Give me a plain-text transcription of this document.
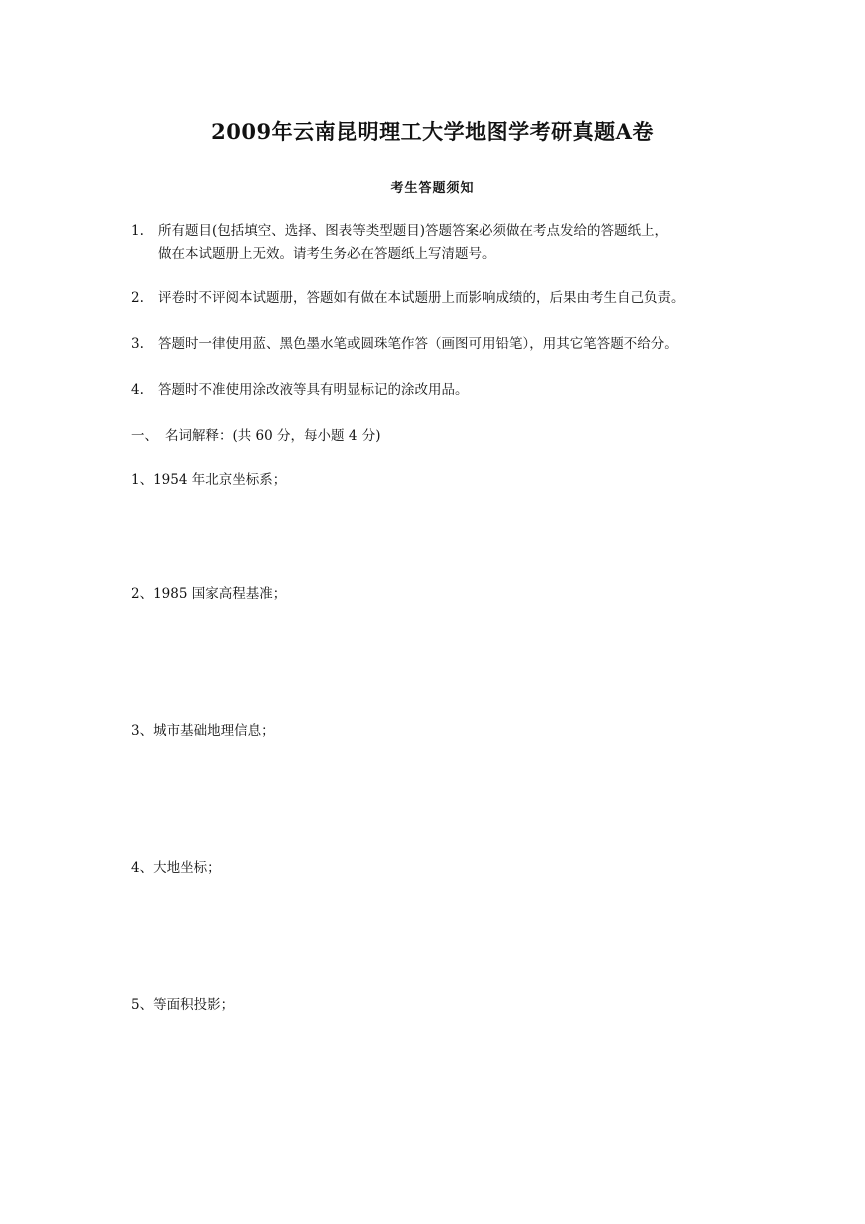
2009年云南昆明理工大学地图学考研真题A卷
考生答题须知
1. 所有题目(包括填空、选择、图表等类型题目)答题答案必须做在考点发给的答题纸上，
做在本试题册上无效。请考生务必在答题纸上写清题号。
2. 评卷时不评阅本试题册，答题如有做在本试题册上而影响成绩的，后果由考生自己负责。
3. 答题时一律使用蓝、黑色墨水笔或圆珠笔作答（画图可用铅笔），用其它笔答题不给分。
4. 答题时不准使用涂改液等具有明显标记的涂改用品。
一、 名词解释：(共 60 分，每小题 4 分)
1、1954 年北京坐标系；
2、1985 国家高程基准；
3、城市基础地理信息；
4、大地坐标；
5、等面积投影；
